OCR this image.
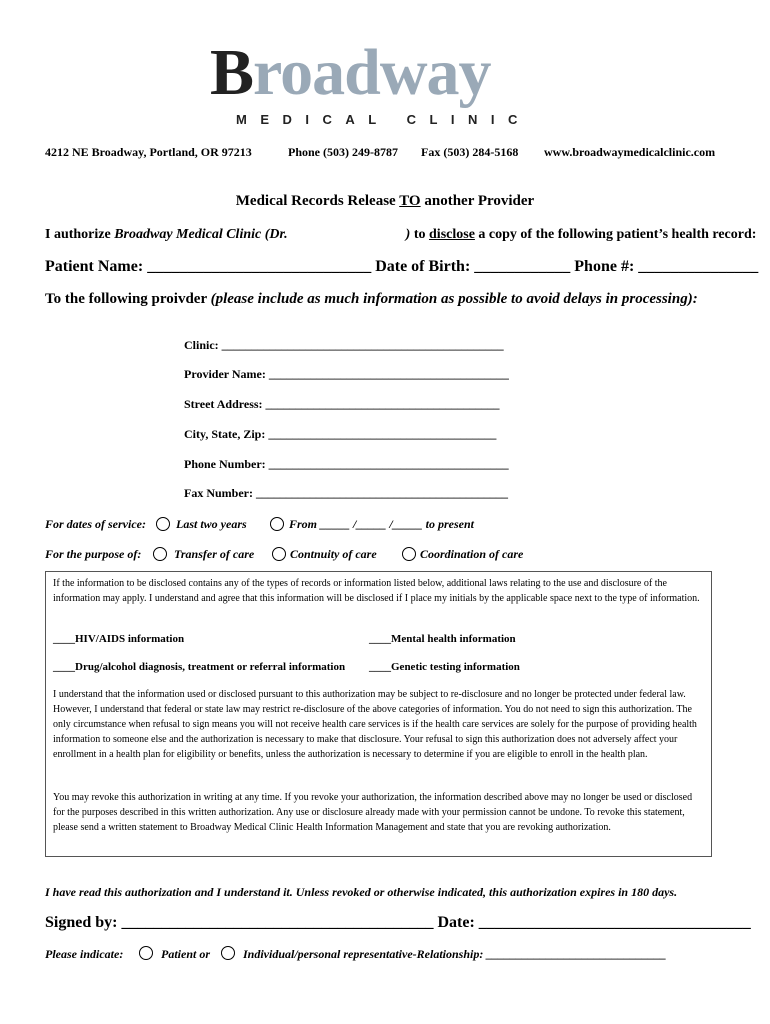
Broadway
MEDICAL CLINIC
4212 NE Broadway, Portland, OR 97213	Phone (503) 249-8787 Fax (503) 284-5168 www.broadwaymedicalclinic.com
Medical Records Release TO another Provider
I authorize Broadway Medical Clinic (Dr.	) to disclose a copy of the following patient’s health record:
Patient Name: ____________________________ Date of Birth: ____________ Phone #: _______________
To the following proivder (please include as much information as possible to avoid delays in processing):
Clinic: _______________________________________________
Provider Name: ________________________________________
Street Address: _______________________________________
City, State, Zip: ______________________________________
Phone Number: ________________________________________
Fax Number: __________________________________________
For dates of service:	Last two years	From _____ /_____ /_____ to present
For the purpose of:	Transfer of care	Contnuity of care	Coordination of care
If the information to be disclosed contains any of the types of records or information listed below, additional laws relating to the use and disclosure of the information may apply. I understand and agree that this information will be disclosed if I place my initials by the applicable space next to the type of information.
____HIV/AIDS information	____Mental health information
____Drug/alcohol diagnosis, treatment or referral information ____Genetic testing information
I understand that the information used or disclosed pursuant to this authorization may be subject to re-disclosure and no longer be protected under federal law. However, I understand that federal or state law may restrict re-disclosure of the above categories of information. You do not need to sign this authorization. The only circumstance when refusal to sign means you will not receive health care services is if the health care services are solely for the purpose of providing health information to someone else and the authorization is necessary to make that disclosure. Your refusal to sign this authorization does not adversely affect your enrollment in a health plan for eligibility or benefits, unless the authorization is necessary to determine if you are eligible to enroll in the health plan.
You may revoke this authorization in writing at any time. If you revoke your authorization, the information described above may no longer be used or disclosed for the purposes described in this written authorization. Any use or disclosure already made with your permission cannot be undone. To revoke this statement, please send a written statement to Broadway Medical Clinic Health Information Management and state that you are revoking authorization.
I have read this authorization and I understand it. Unless revoked or otherwise indicated, this authorization expires in 180 days.
Signed by: _______________________________________ Date: __________________________________
Please indicate:	Patient or	Individual/personal representative-Relationship: ______________________________
